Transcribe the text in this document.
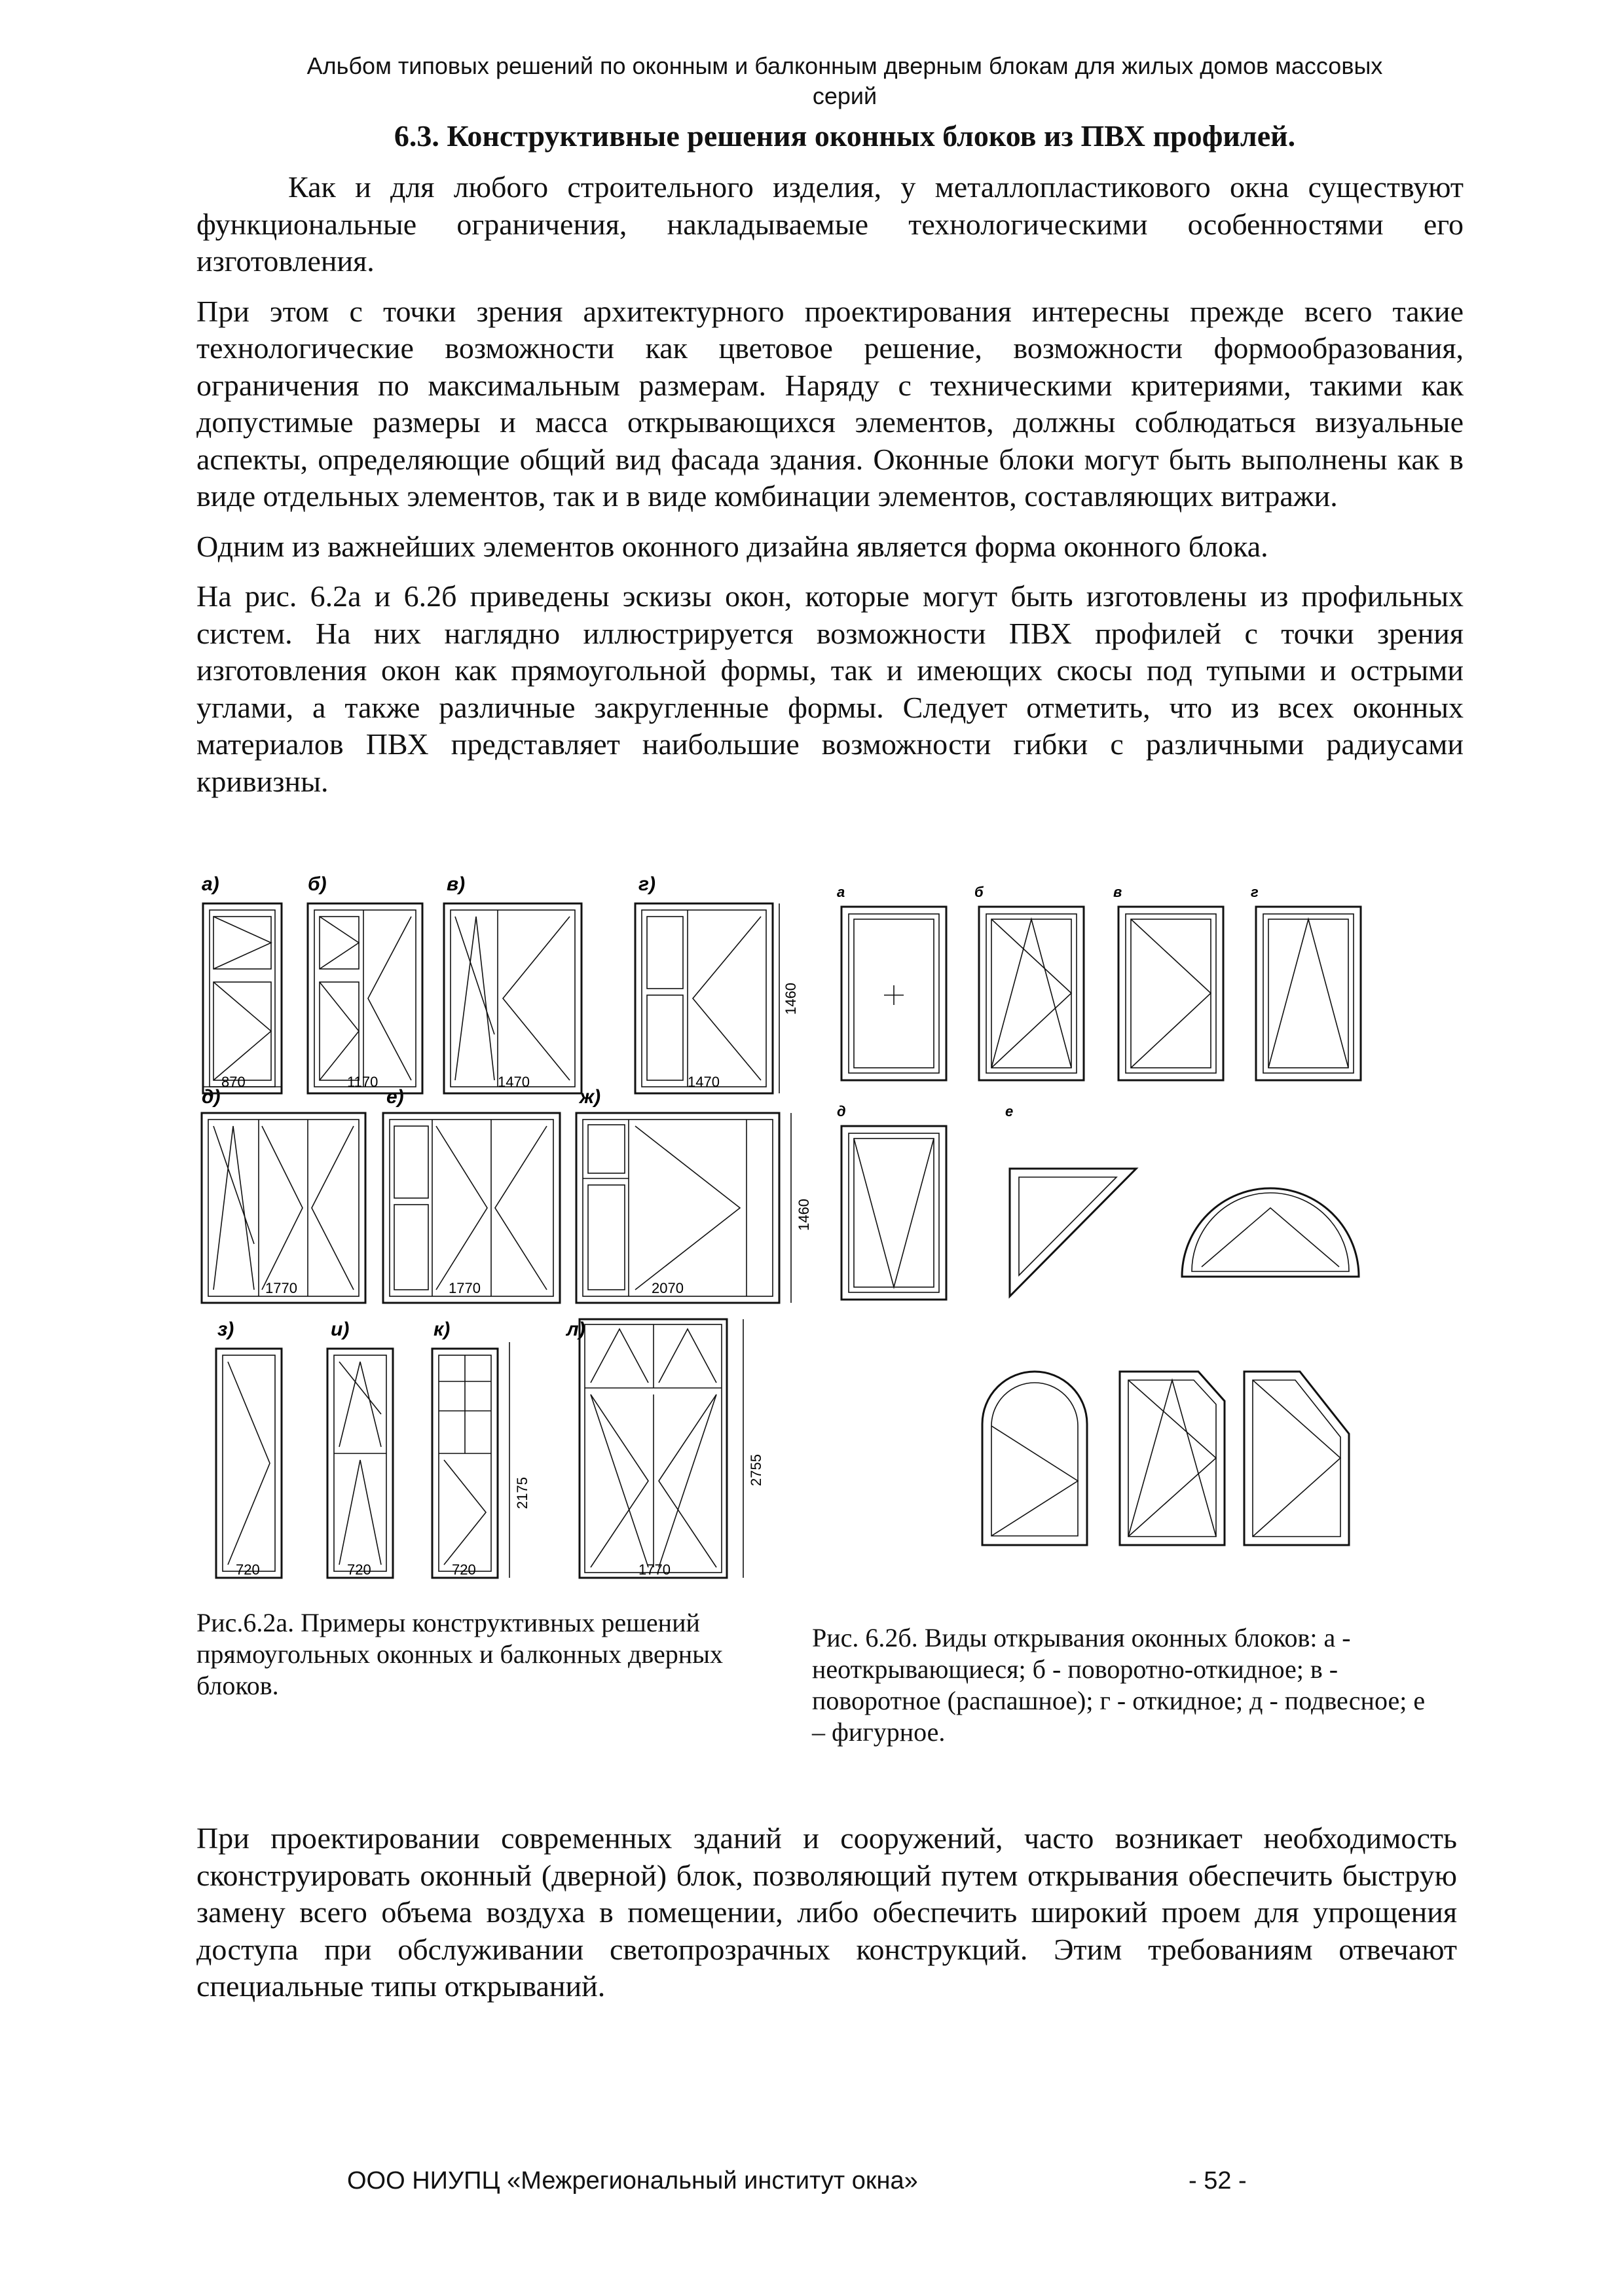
Альбом типовых решений по оконным и балконным дверным блокам для жилых домов массовых
серий
6.3. Конструктивные решения оконных блоков из ПВХ профилей.

Как и для любого строительного изделия, у металлопластикового окна существуют функциональные ограничения, накладываемые технологическими особенностями его изготовления.

При этом с точки зрения архитектурного проектирования интересны прежде всего такие технологические возможности как цветовое решение, возможности формообразования, ограничения по максимальным размерам. Наряду с техническими критериями, такими как допустимые размеры и масса открывающихся элементов, должны соблюдаться визуальные аспекты, определяющие общий вид фасада здания. Оконные блоки могут быть выполнены как в виде отдельных элементов, так и в виде комбинации элементов, составляющих витражи.

Одним из важнейших элементов оконного дизайна является форма оконного блока.

На рис. 6.2а и 6.2б приведены эскизы окон, которые могут быть изготовлены из профильных систем. На них наглядно иллюстрируется возможности ПВХ профилей с точки зрения изготовления окон как прямоугольной формы, так и имеющих скосы под тупыми и острыми углами, а также различные закругленные формы. Следует отметить, что из всех оконных материалов ПВХ представляет наибольшие возможности гибки с различными радиусами кривизны.

а)	б)	в)	г)
д)	е)	ж)
з)	и)	к)	л)
870	1170	1470	1470
1460
1770	1770	2070
1460
720	720	720
2175
1770
2755
а	б	в	г
д	е
Рис.6.2а. Примеры конструктивных решений прямоугольных оконных и балконных дверных блоков.
Рис. 6.2б. Виды открывания оконных блоков: а - неоткрывающиеся; б - поворотно-откидное; в - поворотное (распашное); г - откидное; д - подвесное; е – фигурное.

При проектировании современных зданий и сооружений, часто возникает необходимость сконструировать оконный (дверной) блок, позволяющий путем открывания обеспечить быструю замену всего объема воздуха в помещении, либо обеспечить широкий проем для упрощения доступа при обслуживании светопрозрачных конструкций. Этим требованиям отвечают специальные типы открываний.

ООО НИУПЦ «Межрегиональный институт окна»	- 52 -
